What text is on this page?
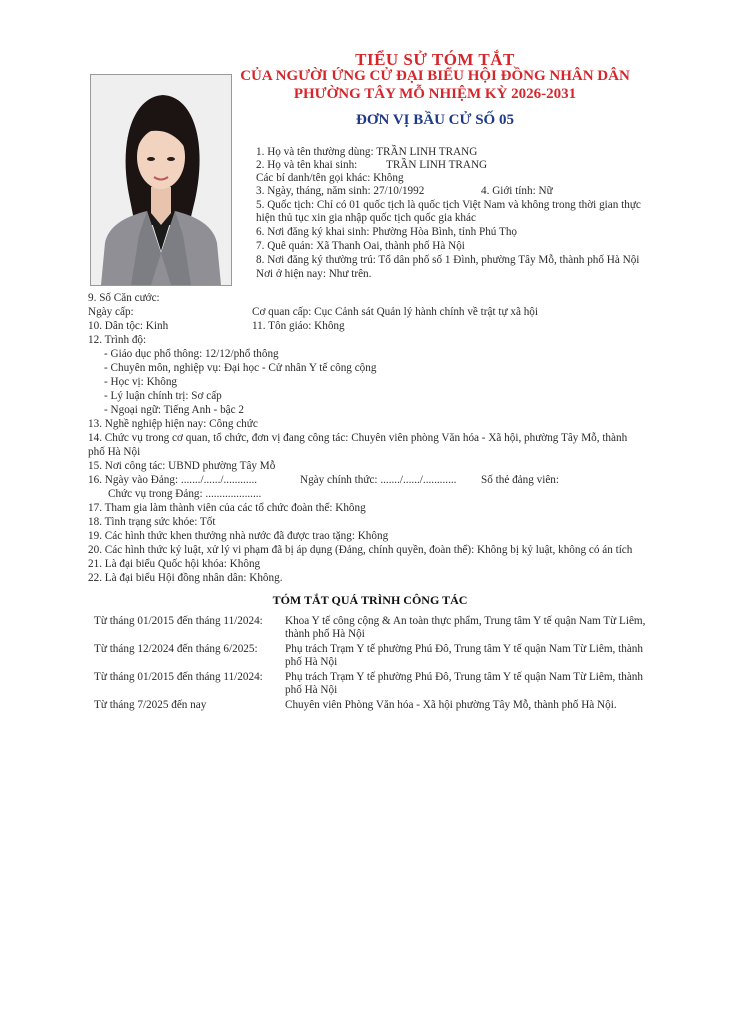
TIỂU SỬ TÓM TẮT
CỦA NGƯỜI ỨNG CỬ ĐẠI BIỂU HỘI ĐỒNG NHÂN DÂN
PHƯỜNG TÂY MỖ NHIỆM KỲ 2026-2031
ĐƠN VỊ BẦU CỬ SỐ 05
1. Họ và tên thường dùng: TRẦN LINH TRANG
2. Họ và tên khai sinh:	TRẦN LINH TRANG
Các bí danh/tên gọi khác: Không
3. Ngày, tháng, năm sinh: 27/10/1992	4. Giới tính: Nữ
5. Quốc tịch: Chỉ có 01 quốc tịch là quốc tịch Việt Nam và không trong thời gian thực
hiện thủ tục xin gia nhập quốc tịch quốc gia khác
6. Nơi đăng ký khai sinh: Phường Hòa Bình, tỉnh Phú Thọ
7. Quê quán: Xã Thanh Oai, thành phố Hà Nội
8. Nơi đăng ký thường trú: Tổ dân phố số 1 Đình, phường Tây Mỗ, thành phố Hà Nội
Nơi ở hiện nay: Như trên.
9. Số Căn cước:
Ngày cấp:	Cơ quan cấp: Cục Cảnh sát Quản lý hành chính về trật tự xã hội
10. Dân tộc: Kinh	11. Tôn giáo: Không
12. Trình độ:
- Giáo dục phổ thông: 12/12/phổ thông
- Chuyên môn, nghiệp vụ: Đại học - Cử nhân Y tế công cộng
- Học vị: Không
- Lý luận chính trị: Sơ cấp
- Ngoại ngữ: Tiếng Anh - bậc 2
13. Nghề nghiệp hiện nay: Công chức
14. Chức vụ trong cơ quan, tổ chức, đơn vị đang công tác: Chuyên viên phòng Văn hóa - Xã hội, phường Tây Mỗ, thành
phố Hà Nội
15. Nơi công tác: UBND phường Tây Mỗ
16. Ngày vào Đảng: ......./....../............	Ngày chính thức: ......./....../............ Số thẻ đảng viên:
Chức vụ trong Đảng: ....................
17. Tham gia làm thành viên của các tổ chức đoàn thể: Không
18. Tình trạng sức khỏe: Tốt
19. Các hình thức khen thưởng nhà nước đã được trao tặng: Không
20. Các hình thức kỷ luật, xử lý vi phạm đã bị áp dụng (Đảng, chính quyền, đoàn thể): Không bị kỷ luật, không có án tích
21. Là đại biểu Quốc hội khóa: Không
22. Là đại biểu Hội đồng nhân dân: Không.
TÓM TẮT QUÁ TRÌNH CÔNG TÁC
Từ tháng 01/2015 đến tháng 11/2024: Khoa Y tế công cộng & An toàn thực phẩm, Trung tâm Y tế quận Nam Từ Liêm,
thành phố Hà Nội
Từ tháng 12/2024 đến tháng 6/2025: Phụ trách Trạm Y tế phường Phú Đô, Trung tâm Y tế quận Nam Từ Liêm, thành
phố Hà Nội
Từ tháng 01/2015 đến tháng 11/2024: Phụ trách Trạm Y tế phường Phú Đô, Trung tâm Y tế quận Nam Từ Liêm, thành
phố Hà Nội
Từ tháng 7/2025 đến nay	Chuyên viên Phòng Văn hóa - Xã hội phường Tây Mỗ, thành phố Hà Nội.
